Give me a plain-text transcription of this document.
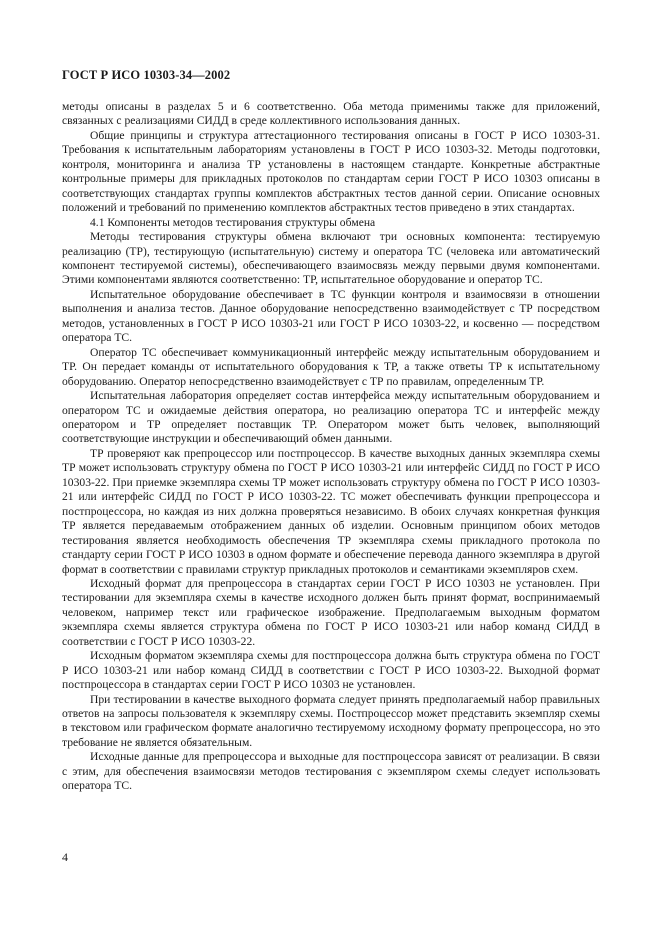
ГОСТ Р ИСО 10303-34—2002

методы описаны в разделах 5 и 6 соответственно. Оба метода применимы также для приложений, связанных с реализациями СИДД в среде коллективного использования данных.

Общие принципы и структура аттестационного тестирования описаны в ГОСТ Р ИСО 10303-31. Требования к испытательным лабораториям установлены в ГОСТ Р ИСО 10303-32. Методы подготовки, контроля, мониторинга и анализа ТР установлены в настоящем стандарте. Конкретные абстрактные контрольные примеры для прикладных протоколов по стандартам серии ГОСТ Р ИСО 10303 описаны в соответствующих стандартах группы комплектов абстрактных тестов данной серии. Описание основных положений и требований по применению комплектов абстрактных тестов приведено в этих стандартах.

4.1 Компоненты методов тестирования структуры обмена

Методы тестирования структуры обмена включают три основных компонента: тестируемую реализацию (ТР), тестирующую (испытательную) систему и оператора ТС (человека или автоматический компонент тестируемой системы), обеспечивающего взаимосвязь между первыми двумя компонентами. Этими компонентами являются соответственно: ТР, испытательное оборудование и оператор ТС.

Испытательное оборудование обеспечивает в ТС функции контроля и взаимосвязи в отношении выполнения и анализа тестов. Данное оборудование непосредственно взаимодействует с ТР посредством методов, установленных в ГОСТ Р ИСО 10303-21 или ГОСТ Р ИСО 10303-22, и косвенно — посредством оператора ТС.

Оператор ТС обеспечивает коммуникационный интерфейс между испытательным оборудованием и ТР. Он передает команды от испытательного оборудования к ТР, а также ответы ТР к испытательному оборудованию. Оператор непосредственно взаимодействует с ТР по правилам, определенным ТР.

Испытательная лаборатория определяет состав интерфейса между испытательным оборудованием и оператором ТС и ожидаемые действия оператора, но реализацию оператора ТС и интерфейс между оператором и ТР определяет поставщик ТР. Оператором может быть человек, выполняющий соответствующие инструкции и обеспечивающий обмен данными.

ТР проверяют как препроцессор или постпроцессор. В качестве выходных данных экземпляра схемы ТР может использовать структуру обмена по ГОСТ Р ИСО 10303-21 или интерфейс СИДД по ГОСТ Р ИСО 10303-22. При приемке экземпляра схемы ТР может использовать структуру обмена по ГОСТ Р ИСО 10303-21 или интерфейс СИДД по ГОСТ Р ИСО 10303-22. ТС может обеспечивать функции препроцессора и постпроцессора, но каждая из них должна проверяться независимо. В обоих случаях конкретная функция ТР является передаваемым отображением данных об изделии. Основным принципом обоих методов тестирования является необходимость обеспечения ТР экземпляра схемы прикладного протокола по стандарту серии ГОСТ Р ИСО 10303 в одном формате и обеспечение перевода данного экземпляра в другой формат в соответствии с правилами структур прикладных протоколов и семантиками экземпляров схем.

Исходный формат для препроцессора в стандартах серии ГОСТ Р ИСО 10303 не установлен. При тестировании для экземпляра схемы в качестве исходного должен быть принят формат, воспринимаемый человеком, например текст или графическое изображение. Предполагаемым выходным форматом экземпляра схемы является структура обмена по ГОСТ Р ИСО 10303-21 или набор команд СИДД в соответствии с ГОСТ Р ИСО 10303-22.

Исходным форматом экземпляра схемы для постпроцессора должна быть структура обмена по ГОСТ Р ИСО 10303-21 или набор команд СИДД в соответствии с ГОСТ Р ИСО 10303-22. Выходной формат постпроцессора в стандартах серии ГОСТ Р ИСО 10303 не установлен.

При тестировании в качестве выходного формата следует принять предполагаемый набор правильных ответов на запросы пользователя к экземпляру схемы. Постпроцессор может представить экземпляр схемы в текстовом или графическом формате аналогично тестируемому исходному формату препроцессора, но это требование не является обязательным.

Исходные данные для препроцессора и выходные для постпроцессора зависят от реализации. В связи с этим, для обеспечения взаимосвязи методов тестирования с экземпляром схемы следует использовать оператора ТС.

4
